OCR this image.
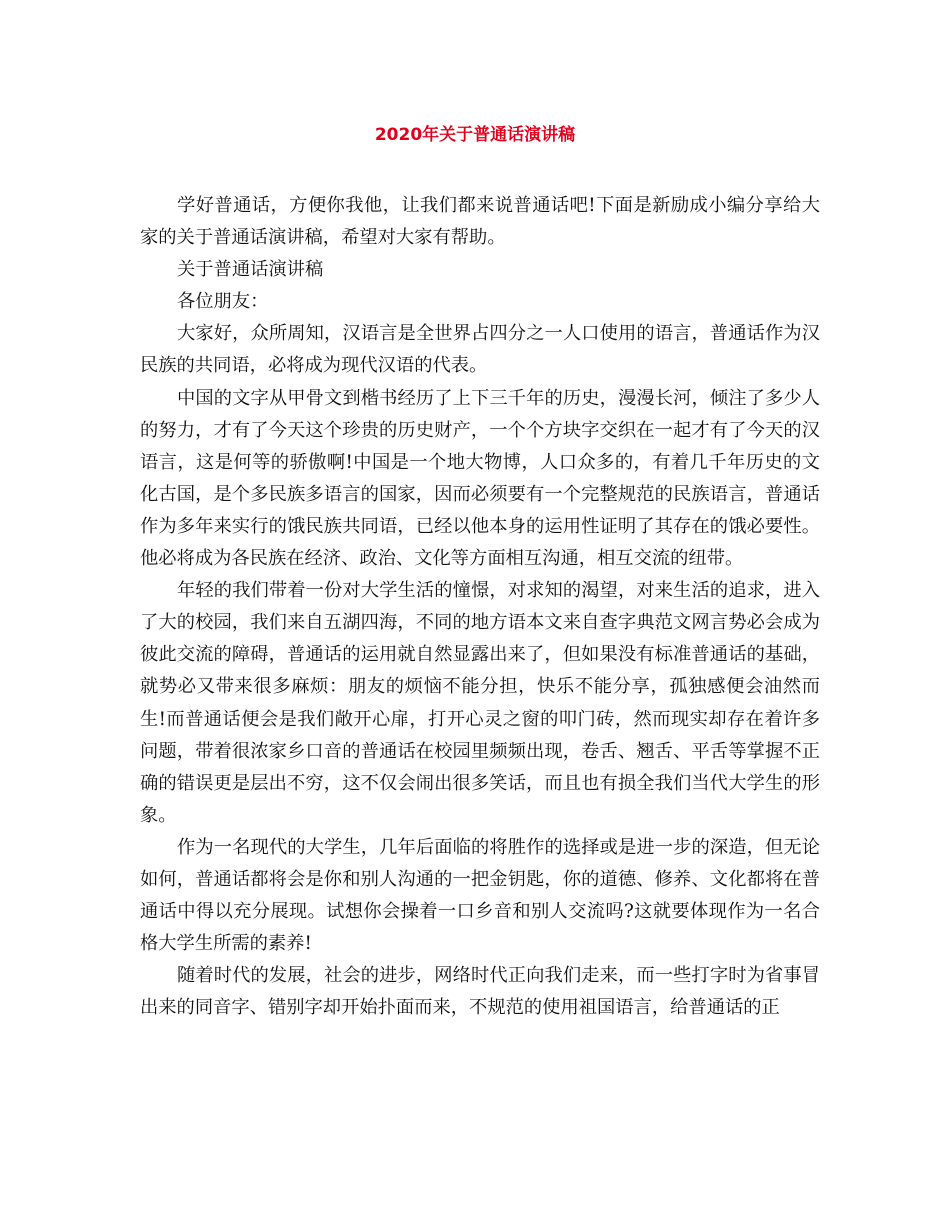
2020年关于普通话演讲稿

学好普通话，方便你我他，让我们都来说普通话吧!下面是新励成小编分享给大家的关于普通话演讲稿，希望对大家有帮助。

关于普通话演讲稿

各位朋友：

大家好，众所周知，汉语言是全世界占四分之一人口使用的语言，普通话作为汉民族的共同语，必将成为现代汉语的代表。

中国的文字从甲骨文到楷书经历了上下三千年的历史，漫漫长河，倾注了多少人的努力，才有了今天这个珍贵的历史财产，一个个方块字交织在一起才有了今天的汉语言，这是何等的骄傲啊!中国是一个地大物博，人口众多的，有着几千年历史的文化古国，是个多民族多语言的国家，因而必须要有一个完整规范的民族语言，普通话作为多年来实行的饿民族共同语，已经以他本身的运用性证明了其存在的饿必要性。他必将成为各民族在经济、政治、文化等方面相互沟通，相互交流的纽带。

年轻的我们带着一份对大学生活的憧憬，对求知的渴望，对来生活的追求，进入了大的校园，我们来自五湖四海，不同的地方语本文来自查字典范文网言势必会成为彼此交流的障碍，普通话的运用就自然显露出来了，但如果没有标准普通话的基础，就势必又带来很多麻烦：朋友的烦恼不能分担，快乐不能分享，孤独感便会油然而生!而普通话便会是我们敞开心扉，打开心灵之窗的叩门砖，然而现实却存在着许多问题，带着很浓家乡口音的普通话在校园里频频出现，卷舌、翘舌、平舌等掌握不正确的错误更是层出不穷，这不仅会闹出很多笑话，而且也有损全我们当代大学生的形象。

作为一名现代的大学生，几年后面临的将胜作的选择或是进一步的深造，但无论如何，普通话都将会是你和别人沟通的一把金钥匙，你的道德、修养、文化都将在普通话中得以充分展现。试想你会操着一口乡音和别人交流吗?这就要体现作为一名合格大学生所需的素养!

随着时代的发展，社会的进步，网络时代正向我们走来，而一些打字时为省事冒出来的同音字、错别字却开始扑面而来，不规范的使用祖国语言，给普通话的正
